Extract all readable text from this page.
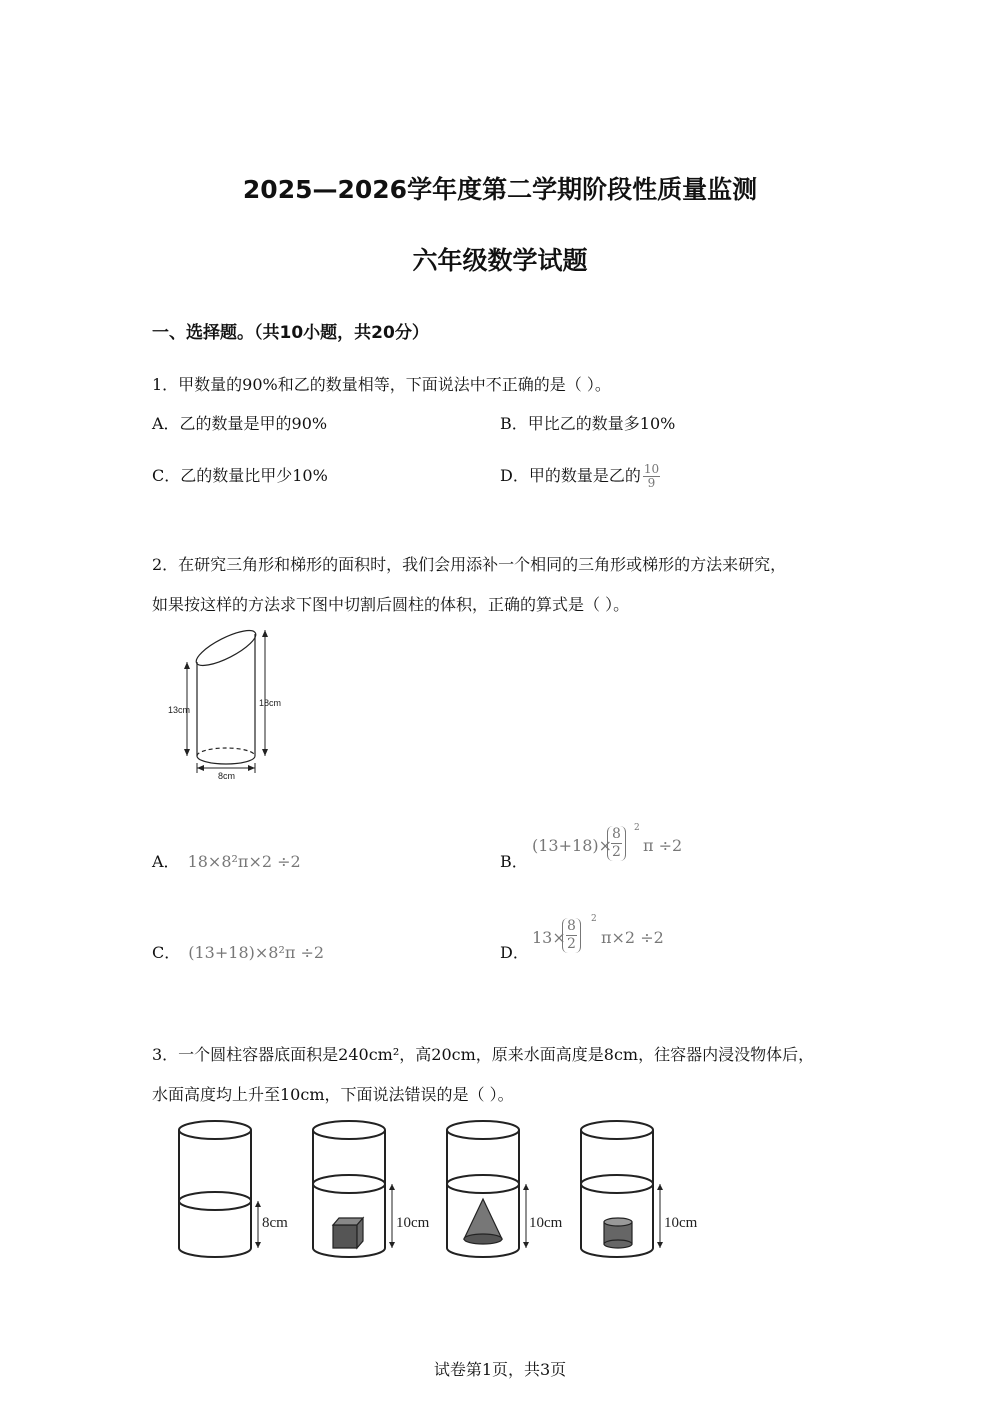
2025—2026学年度第二学期阶段性质量监测
六年级数学试题
一、选择题。（共10小题，共20分）
1．甲数量的90%和乙的数量相等，下面说法中不正确的是（ ）。
A．乙的数量是甲的90%	B．甲比乙的数量多10%
C．乙的数量比甲少10%	D．甲的数量是乙的 $\frac{10}{9}$
2．在研究三角形和梯形的面积时，我们会用添补一个相同的三角形或梯形的方法来研究，
如果按这样的方法求下图中切割后圆柱的体积，正确的算式是（ ）。
13cm
18cm
8cm
A． 18×8²π×2 ÷2	B．
(13+18)×
$\frac{8}{2} 2$
π ÷2
C． (13+18)×8²π ÷2	D．
13×
$\frac{8}{2} 2$
π×2 ÷2
3．一个圆柱容器底面积是240cm²，高20cm，原来水面高度是8cm，往容器内浸没物体后，
水面高度均上升至10cm，下面说法错误的是（ ）。
8cm	10cm	10cm	10cm
试卷第1页，共3页
